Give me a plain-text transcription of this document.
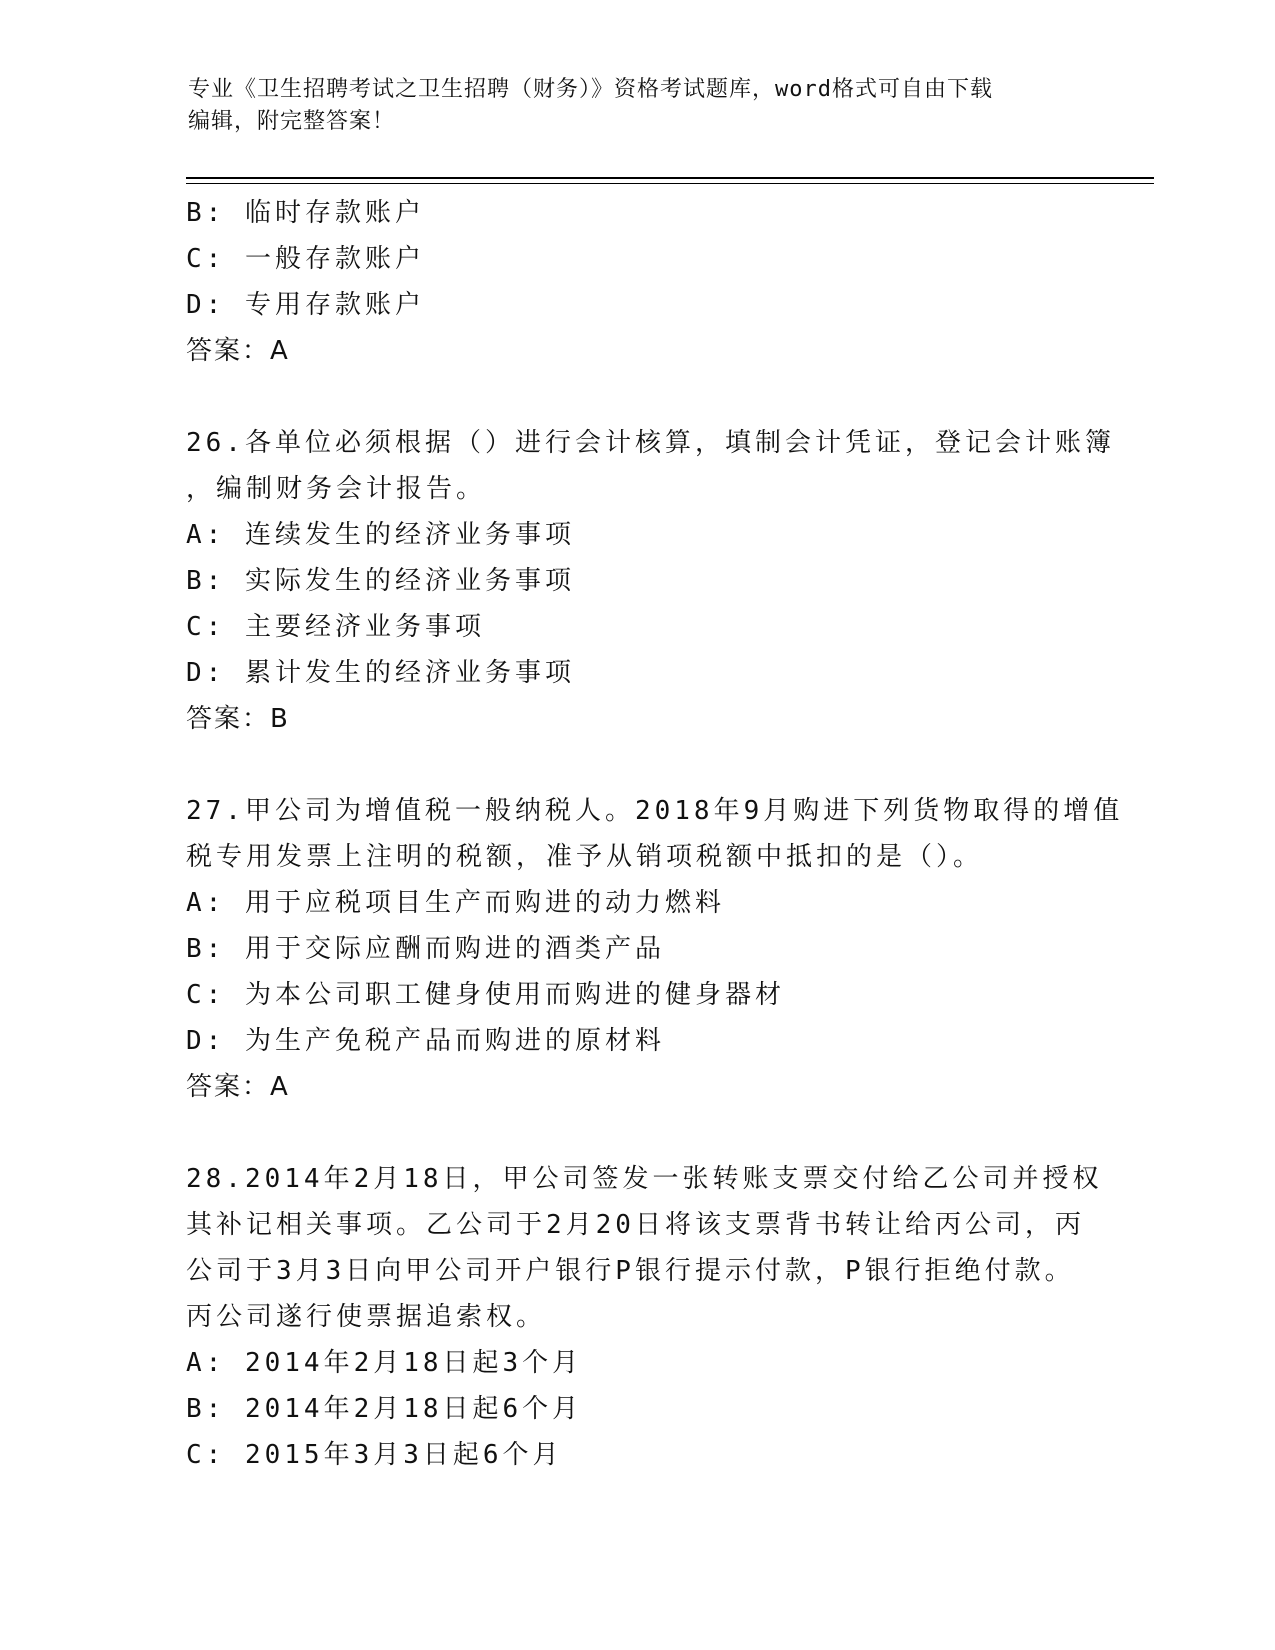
专业《卫生招聘考试之卫生招聘（财务）》资格考试题库，word格式可自由下载
编辑，附完整答案！
B: 临时存款账户
C: 一般存款账户
D: 专用存款账户
答案：A
26.各单位必须根据（）进行会计核算，填制会计凭证，登记会计账簿
，编制财务会计报告。
A: 连续发生的经济业务事项
B: 实际发生的经济业务事项
C: 主要经济业务事项
D: 累计发生的经济业务事项
答案：B
27.甲公司为增值税一般纳税人。2018年9月购进下列货物取得的增值
税专用发票上注明的税额，准予从销项税额中抵扣的是（）。
A: 用于应税项目生产而购进的动力燃料
B: 用于交际应酬而购进的酒类产品
C: 为本公司职工健身使用而购进的健身器材
D: 为生产免税产品而购进的原材料
答案：A
28.2014年2月18日，甲公司签发一张转账支票交付给乙公司并授权
其补记相关事项。乙公司于2月20日将该支票背书转让给丙公司，丙
公司于3月3日向甲公司开户银行P银行提示付款，P银行拒绝付款。
丙公司遂行使票据追索权。
A: 2014年2月18日起3个月
B: 2014年2月18日起6个月
C: 2015年3月3日起6个月
